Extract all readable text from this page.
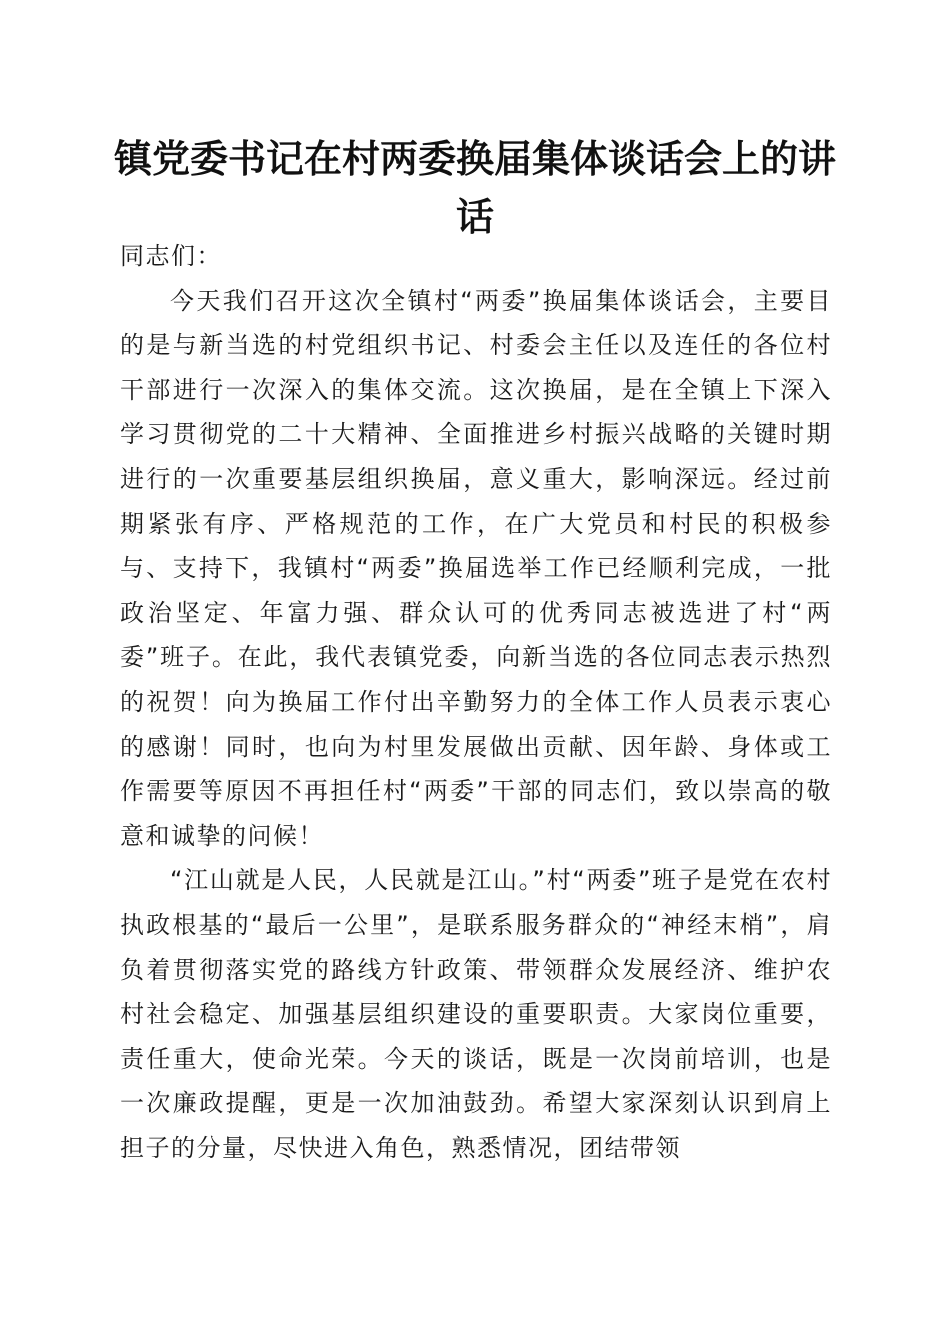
镇党委书记在村两委换届集体谈话会上的讲话

同志们：

今天我们召开这次全镇村“两委”换届集体谈话会，主要目的是与新当选的村党组织书记、村委会主任以及连任的各位村干部进行一次深入的集体交流。这次换届，是在全镇上下深入学习贯彻党的二十大精神、全面推进乡村振兴战略的关键时期进行的一次重要基层组织换届，意义重大，影响深远。经过前期紧张有序、严格规范的工作，在广大党员和村民的积极参与、支持下，我镇村“两委”换届选举工作已经顺利完成，一批政治坚定、年富力强、群众认可的优秀同志被选进了村“两委”班子。在此，我代表镇党委，向新当选的各位同志表示热烈的祝贺！向为换届工作付出辛勤努力的全体工作人员表示衷心的感谢！同时，也向为村里发展做出贡献、因年龄、身体或工作需要等原因不再担任村“两委”干部的同志们，致以崇高的敬意和诚挚的问候！

“江山就是人民，人民就是江山。”村“两委”班子是党在农村执政根基的“最后一公里”，是联系服务群众的“神经末梢”，肩负着贯彻落实党的路线方针政策、带领群众发展经济、维护农村社会稳定、加强基层组织建设的重要职责。大家岗位重要，责任重大，使命光荣。今天的谈话，既是一次岗前培训，也是一次廉政提醒，更是一次加油鼓劲。希望大家深刻认识到肩上担子的分量，尽快进入角色，熟悉情况，团结带领
